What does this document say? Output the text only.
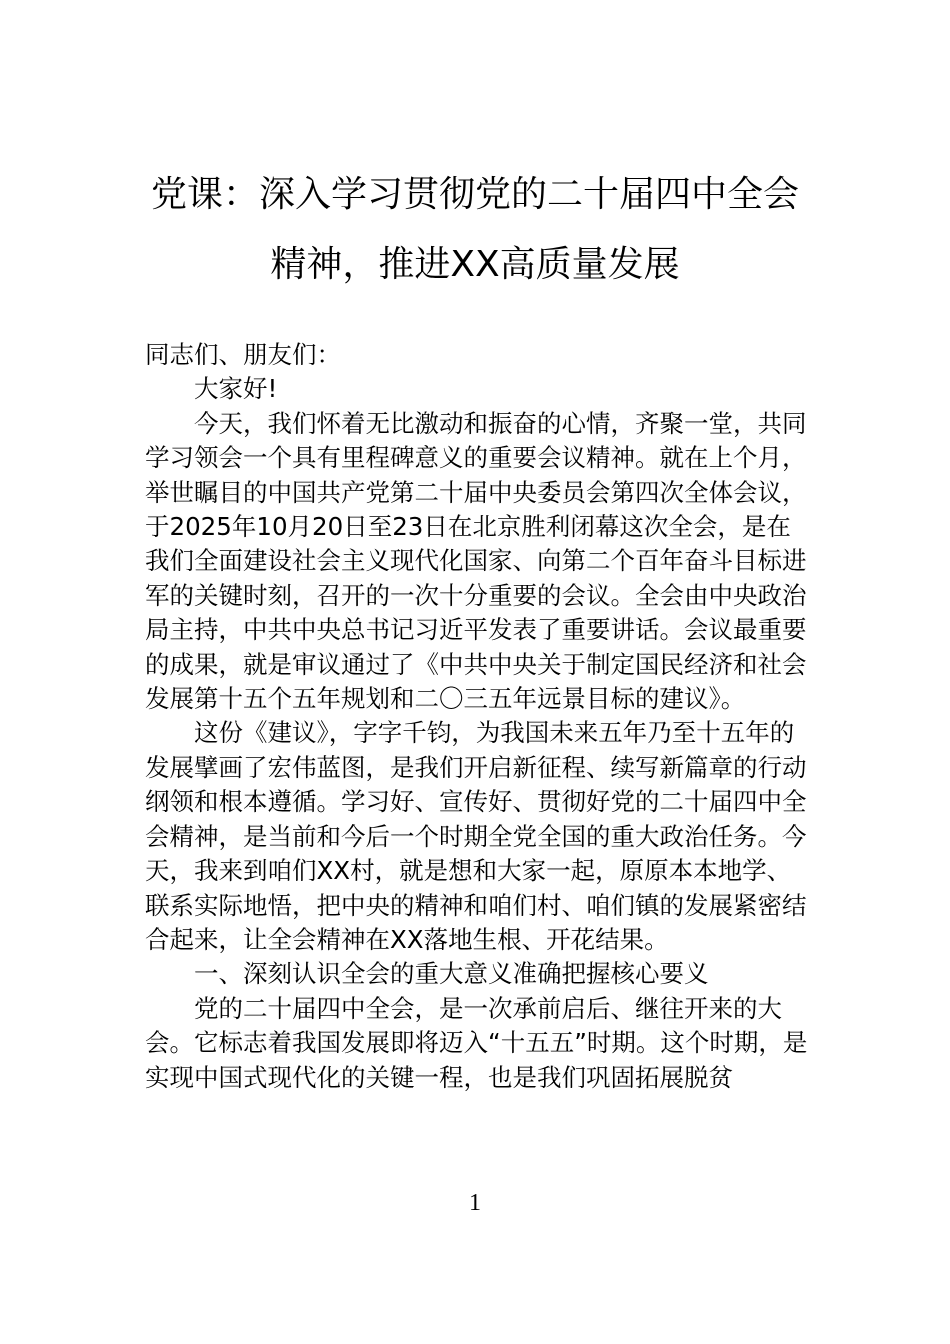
党课：深入学习贯彻党的二十届四中全会
精神，推进XX高质量发展

同志们、朋友们：

大家好!

今天，我们怀着无比激动和振奋的心情，齐聚一堂，共同学习领会一个具有里程碑意义的重要会议精神。就在上个月，举世瞩目的中国共产党第二十届中央委员会第四次全体会议，于2025年10月20日至23日在北京胜利闭幕这次全会，是在我们全面建设社会主义现代化国家、向第二个百年奋斗目标进军的关键时刻，召开的一次十分重要的会议。全会由中央政治局主持，中共中央总书记习近平发表了重要讲话。会议最重要的成果，就是审议通过了《中共中央关于制定国民经济和社会发展第十五个五年规划和二〇三五年远景目标的建议》。

这份《建议》，字字千钧，为我国未来五年乃至十五年的发展擘画了宏伟蓝图，是我们开启新征程、续写新篇章的行动纲领和根本遵循。学习好、宣传好、贯彻好党的二十届四中全会精神，是当前和今后一个时期全党全国的重大政治任务。今天，我来到咱们XX村，就是想和大家一起，原原本本地学、联系实际地悟，把中央的精神和咱们村、咱们镇的发展紧密结合起来，让全会精神在XX落地生根、开花结果。

一、深刻认识全会的重大意义准确把握核心要义

党的二十届四中全会，是一次承前启后、继往开来的大会。它标志着我国发展即将迈入“十五五”时期。这个时期，是实现中国式现代化的关键一程，也是我们巩固拓展脱贫

1
